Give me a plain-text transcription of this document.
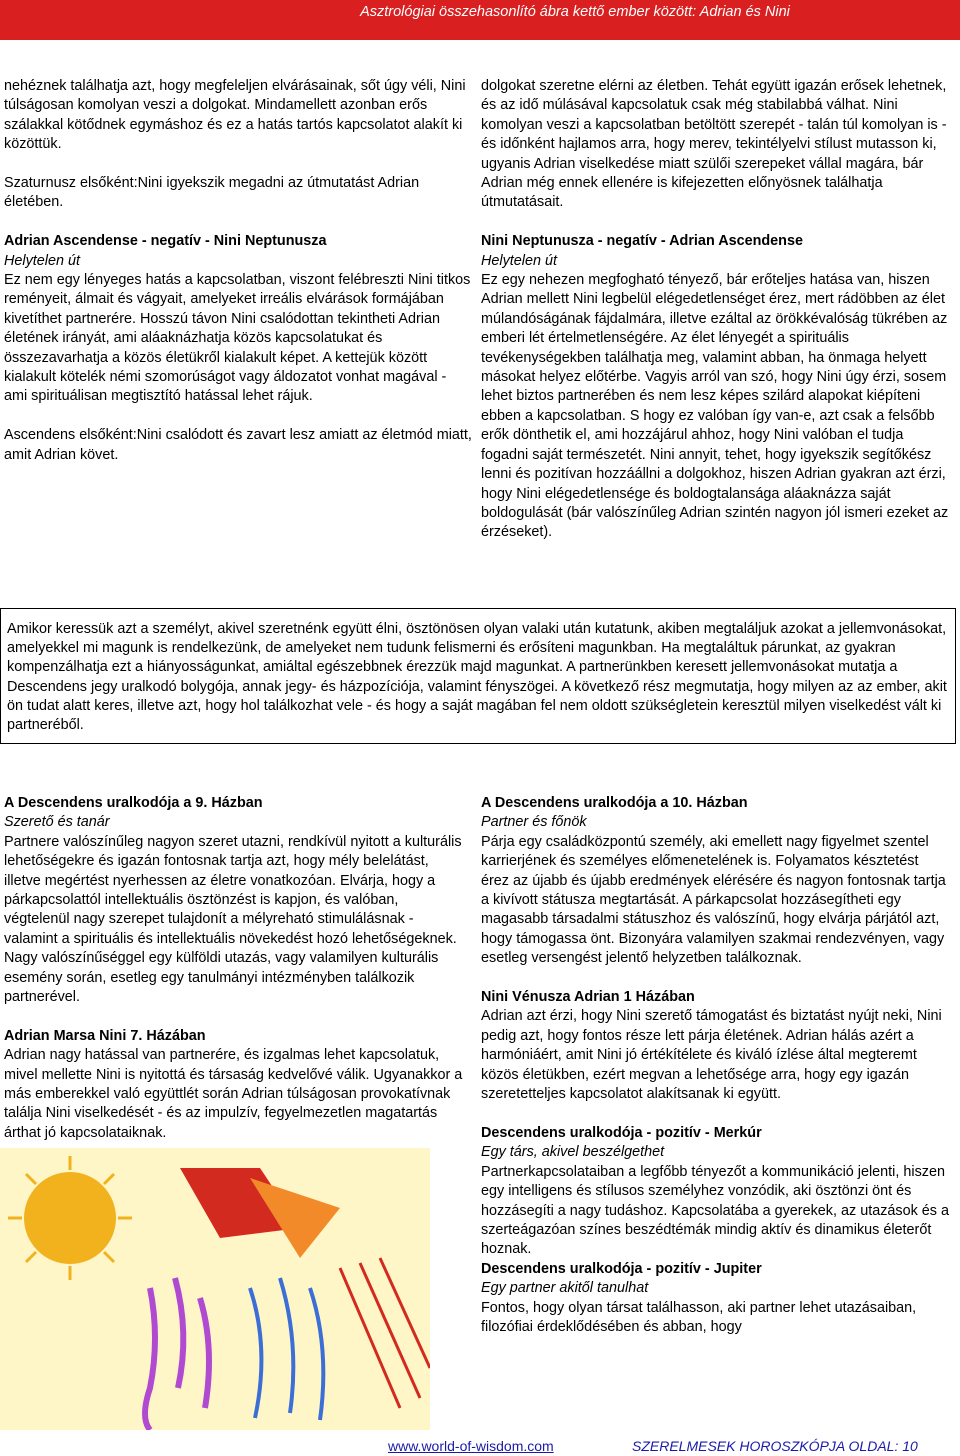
Asztrológiai összehasonlító ábra kettő ember között: Adrian és Nini

nehéznek találhatja azt, hogy megfeleljen elvárásainak, sőt úgy véli, Nini túlságosan komolyan veszi a dolgokat. Mindamellett azonban erős szálakkal kötődnek egymáshoz és ez a hatás tartós kapcsolatot alakít ki közöttük.

Szaturnusz elsőként:Nini igyekszik megadni az útmutatást Adrian életében.

Adrian Ascendense - negatív - Nini Neptunusza

Helytelen út

Ez nem egy lényeges hatás a kapcsolatban, viszont felébreszti Nini titkos reményeit, álmait és vágyait, amelyeket irreális elvárások formájában kivetíthet partnerére. Hosszú távon Nini csalódottan tekintheti Adrian életének irányát, ami aláaknázhatja közös kapcsolatukat és összezavarhatja a közös életükről kialakult képet. A kettejük között kialakult kötelék némi szomorúságot vagy áldozatot vonhat magával - ami spirituálisan megtisztító hatással lehet rájuk.

Ascendens elsőként:Nini csalódott és zavart lesz amiatt az életmód miatt, amit Adrian követ.

dolgokat szeretne elérni az életben. Tehát együtt igazán erősek lehetnek, és az idő múlásával kapcsolatuk csak még stabilabbá válhat. Nini komolyan veszi a kapcsolatban betöltött szerepét - talán túl komolyan is - és időnként hajlamos arra, hogy merev, tekintélyelvi stílust mutasson ki, ugyanis Adrian viselkedése miatt szülői szerepeket vállal magára, bár Adrian még ennek ellenére is kifejezetten előnyösnek találhatja útmutatásait.

Nini Neptunusza - negatív - Adrian Ascendense

Helytelen út

Ez egy nehezen megfogható tényező, bár erőteljes hatása van, hiszen Adrian mellett Nini legbelül elégedetlenséget érez, mert rádöbben az élet múlandóságának fájdalmára, illetve ezáltal az örökkévalóság tükrében az emberi lét értelmetlenségére. Az élet lényegét a spirituális tevékenységekben találhatja meg, valamint abban, ha önmaga helyett másokat helyez előtérbe. Vagyis arról van szó, hogy Nini úgy érzi, sosem lehet biztos partnerében és nem lesz képes szilárd alapokat kiépíteni ebben a kapcsolatban. S hogy ez valóban így van-e, azt csak a felsőbb erők dönthetik el, ami hozzájárul ahhoz, hogy Nini valóban el tudja fogadni saját természetét. Nini annyit, tehet, hogy igyekszik segítőkész lenni és pozitívan hozzáállni a dolgokhoz, hiszen Adrian gyakran azt érzi, hogy Nini elégedetlensége és boldogtalansága aláaknázza saját boldogulását (bár valószínűleg Adrian szintén nagyon jól ismeri ezeket az érzéseket).

Amikor keressük azt a személyt, akivel szeretnénk együtt élni, ösztönösen olyan valaki után kutatunk, akiben megtaláljuk azokat a jellemvonásokat, amelyekkel mi magunk is rendelkezünk, de amelyeket nem tudunk felismerni és erősíteni magunkban. Ha megtaláltuk párunkat, az gyakran kompenzálhatja ezt a hiányosságunkat, amiáltal egészebbnek érezzük majd magunkat. A partnerünkben keresett jellemvonásokat mutatja a Descendens jegy uralkodó bolygója, annak jegy- és házpozíciója, valamint fényszögei. A következő rész megmutatja, hogy milyen az az ember, akit ön tudat alatt keres, illetve azt, hogy hol találkozhat vele - és hogy a saját magában fel nem oldott szükségletein keresztül milyen viselkedést vált ki partneréből.

A Descendens uralkodója a 9. Házban

Szerető és tanár

Partnere valószínűleg nagyon szeret utazni, rendkívül nyitott a kulturális lehetőségekre és igazán fontosnak tartja azt, hogy mély belelátást, illetve megértést nyerhessen az életre vonatkozóan. Elvárja, hogy a párkapcsolattól intellektuális ösztönzést is kapjon, és valóban, végtelenül nagy szerepet tulajdonít a mélyreható stimulálásnak - valamint a spirituális és intellektuális növekedést hozó lehetőségeknek. Nagy valószínűséggel egy külföldi utazás, vagy valamilyen kulturális esemény során, esetleg egy tanulmányi intézményben találkozik partnerével.

Adrian Marsa Nini 7. Házában

Adrian nagy hatással van partnerére, és izgalmas lehet kapcsolatuk, mivel mellette Nini is nyitottá és társaság kedvelővé válik. Ugyanakkor a más emberekkel való együttlét során Adrian túlságosan provokatívnak találja Nini viselkedését - és az impulzív, fegyelmezetlen magatartás árthat jó kapcsolataiknak.

A Descendens uralkodója a 10. Házban

Partner és főnök

Párja egy családközpontú személy, aki emellett nagy figyelmet szentel karrierjének és személyes előmenetelének is. Folyamatos késztetést érez az újabb és újabb eredmények elérésére és nagyon fontosnak tartja a kivívott státusza megtartását. A párkapcsolat hozzásegítheti egy magasabb társadalmi státuszhoz és valószínű, hogy elvárja párjától azt, hogy támogassa önt. Bizonyára valamilyen szakmai rendezvényen, vagy esetleg versengést jelentő helyzetben találkoznak.

Nini Vénusza Adrian 1 Házában

Adrian azt érzi, hogy Nini szerető támogatást és biztatást nyújt neki, Nini pedig azt, hogy fontos része lett párja életének. Adrian hálás azért a harmóniáért, amit Nini jó értékítélete és kiváló ízlése által megteremt közös életükben, ezért megvan a lehetősége arra, hogy egy igazán szeretetteljes kapcsolatot alakítsanak ki együtt.

Descendens uralkodója - pozitív - Merkúr

Egy társ, akivel beszélgethet

Partnerkapcsolataiban a legfőbb tényezőt a kommunikáció jelenti, hiszen egy intelligens és stílusos személyhez vonzódik, aki ösztönzi önt és hozzásegíti a nagy tudáshoz. Kapcsolatába a gyerekek, az utazások és a szerteágazóan színes beszédtémák mindig aktív és dinamikus életerőt hoznak.

Descendens uralkodója - pozitív - Jupiter

Egy partner akitől tanulhat

Fontos, hogy olyan társat találhasson, aki partner lehet utazásaiban, filozófiai érdeklődésében és abban, hogy

www.world-of-wisdom.com	SZERELMESEK HOROSZKÓPJA OLDAL: 10
